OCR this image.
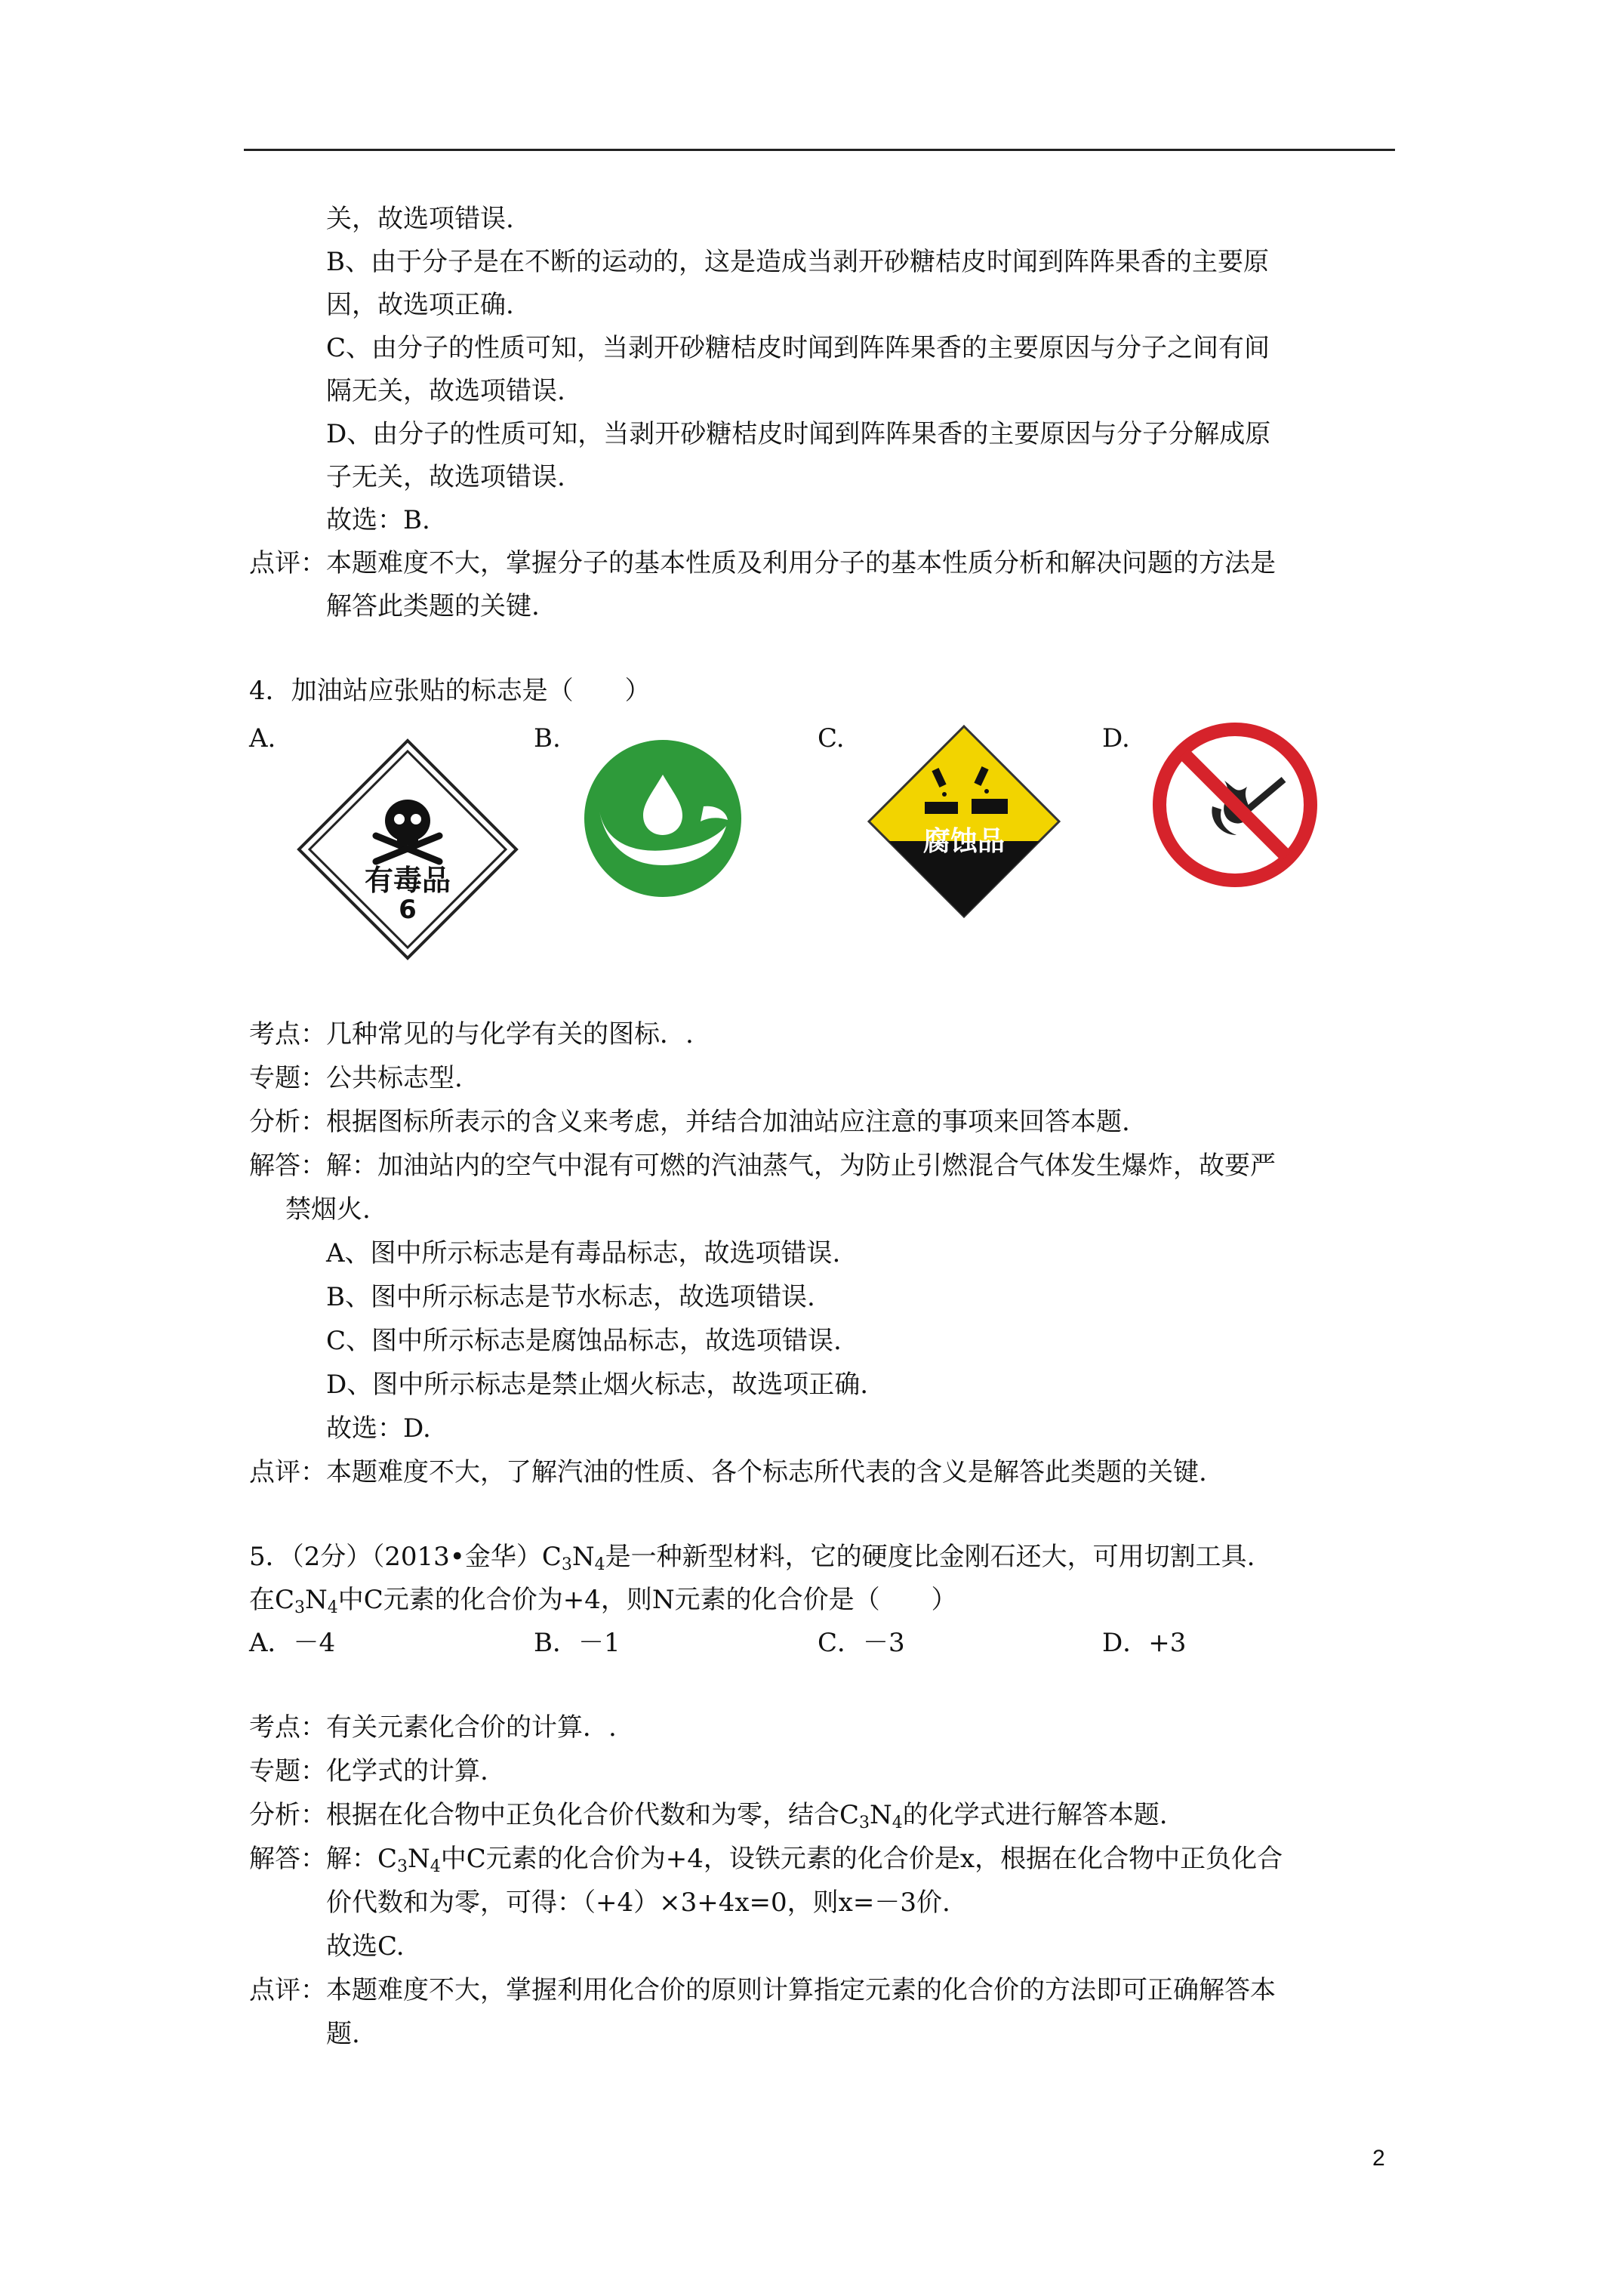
关，故选项错误.
B、由于分子是在不断的运动的，这是造成当剥开砂糖桔皮时闻到阵阵果香的主要原
因，故选项正确.
C、由分子的性质可知，当剥开砂糖桔皮时闻到阵阵果香的主要原因与分子之间有间
隔无关，故选项错误.
D、由分子的性质可知，当剥开砂糖桔皮时闻到阵阵果香的主要原因与分子分解成原
子无关，故选项错误.
故选：B.
点评：本题难度不大，掌握分子的基本性质及利用分子的基本性质分析和解决问题的方法是
解答此类题的关键.
4．加油站应张贴的标志是（　　）
A.	B.	C.	D.
有毒品
6
腐蚀品
考点：几种常见的与化学有关的图标．.
专题：公共标志型.
分析：根据图标所表示的含义来考虑，并结合加油站应注意的事项来回答本题.
解答：解：加油站内的空气中混有可燃的汽油蒸气，为防止引燃混合气体发生爆炸，故要严
禁烟火.
A、图中所示标志是有毒品标志，故选项错误.
B、图中所示标志是节水标志，故选项错误.
C、图中所示标志是腐蚀品标志，故选项错误.
D、图中所示标志是禁止烟火标志，故选项正确.
故选：D.
点评：本题难度不大，了解汽油的性质、各个标志所代表的含义是解答此类题的关键.
5．（2分）（2013•金华）$C_3N_4$是一种新型材料，它的硬度比金刚石还大，可用切割工具.
在$C_3N_4$中C元素的化合价为+4，则N元素的化合价是（　　）
A．－4	B．－1	C．－3	D．+3
考点：有关元素化合价的计算．.
专题：化学式的计算.
分析：根据在化合物中正负化合价代数和为零，结合$C_3N_4$的化学式进行解答本题.
解答：解：$C_3N_4$中C元素的化合价为+4，设铁元素的化合价是x，根据在化合物中正负化合
价代数和为零，可得：（+4）×3+4x=0，则x=－3价.
故选C.
点评：本题难度不大，掌握利用化合价的原则计算指定元素的化合价的方法即可正确解答本
题.
2
